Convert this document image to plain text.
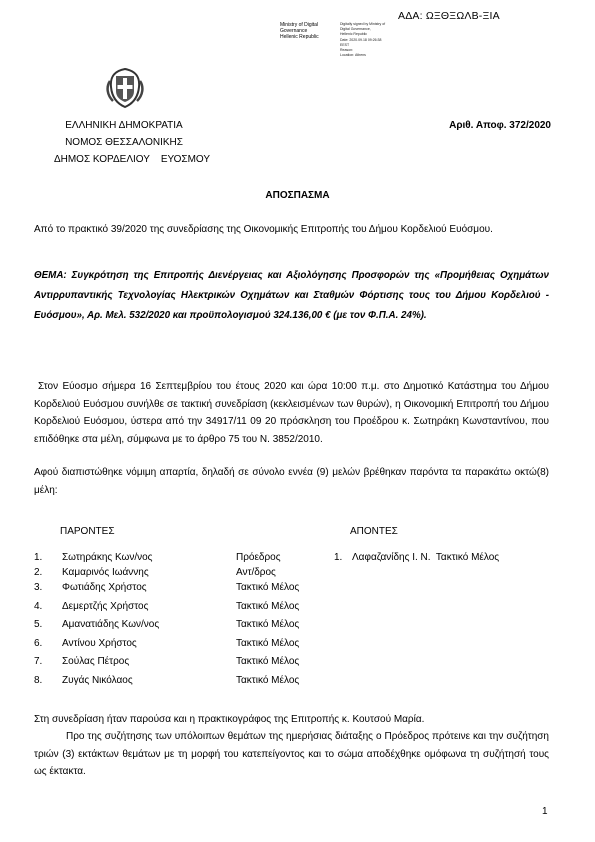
ΑΔΑ: ΩΞΘΞΩΛΒ-ΞΙΑ
Ministry of Digital
Governance
Hellenic Republic
Digitally signed by Ministry of
Digital Governance,
Hellenic Republic
Date: 2020.09.18 09:26:38
EEST
Reason:
Location: Athens
ΕΛΛΗΝΙΚΗ ΔΗΜΟΚΡΑΤΙΑ
ΝΟΜΟΣ ΘΕΣΣΑΛΟΝΙΚΗΣ
ΔΗΜΟΣ ΚΟΡΔΕΛΙΟΥ    ΕΥΟΣΜΟΥ
Αριθ. Αποφ. 372/2020
ΑΠΟΣΠΑΣΜΑ
Από το πρακτικό 39/2020 της συνεδρίασης της Οικονομικής Επιτροπής του Δήμου Κορδελιού Ευόσμου.
ΘΕΜΑ: Συγκρότηση της Επιτροπής Διενέργειας και Αξιολόγησης Προσφορών της «Προμήθειας Οχημάτων Αντιρρυπαντικής Τεχνολογίας Ηλεκτρικών Οχημάτων και Σταθμών Φόρτισης τους του Δήμου Κορδελιού - Ευόσμου», Αρ. Μελ. 532/2020 και προϋπολογισμού 324.136,00 € (με τον Φ.Π.Α. 24%).
Στον Εύοσμο σήμερα 16 Σεπτεμβρίου του έτους 2020 και ώρα 10:00 π.μ. στο Δημοτικό Κατάστημα του Δήμου Κορδελιού Ευόσμου συνήλθε σε τακτική συνεδρίαση (κεκλεισμένων των θυρών), η Οικονομική Επιτροπή του Δήμου Κορδελιού Ευόσμου, ύστερα από την 34917/11 09 20 πρόσκληση του Προέδρου κ. Σωτηράκη Κωνσταντίνου, που επιδόθηκε στα μέλη, σύμφωνα με το άρθρο 75 του Ν. 3852/2010.
Αφού διαπιστώθηκε νόμιμη απαρτία, δηλαδή σε σύνολο εννέα (9) μελών βρέθηκαν παρόντα τα παρακάτω οκτώ(8) μέλη:
ΠΑΡΟΝΤΕΣ	ΑΠΟΝΤΕΣ
1. Σωτηράκης Κων/νος	Πρόεδρος
2. Καμαρινός Ιωάννης	Αντ/δρος
3. Φωτιάδης Χρήστος	Τακτικό Μέλος
4. Δεμερτζής Χρήστος	Τακτικό Μέλος
5. Αμανατιάδης Κων/νος	Τακτικό Μέλος
6. Αντίνου Χρήστος	Τακτικό Μέλος
7. Σούλας Πέτρος	Τακτικό Μέλος
8. Ζυγάς Νικόλαος	Τακτικό Μέλος
1. Λαφαζανίδης Ι. Ν.  Τακτικό Μέλος
Στη συνεδρίαση ήταν παρούσα και η πρακτικογράφος της Επιτροπής κ. Κουτσού Μαρία.
Προ της συζήτησης των υπόλοιπων θεμάτων της ημερήσιας διάταξης ο Πρόεδρος πρότεινε και την συζήτηση τριών (3) εκτάκτων θεμάτων με τη μορφή του κατεπείγοντος και το σώμα αποδέχθηκε ομόφωνα τη συζήτησή τους ως έκτακτα.
1
